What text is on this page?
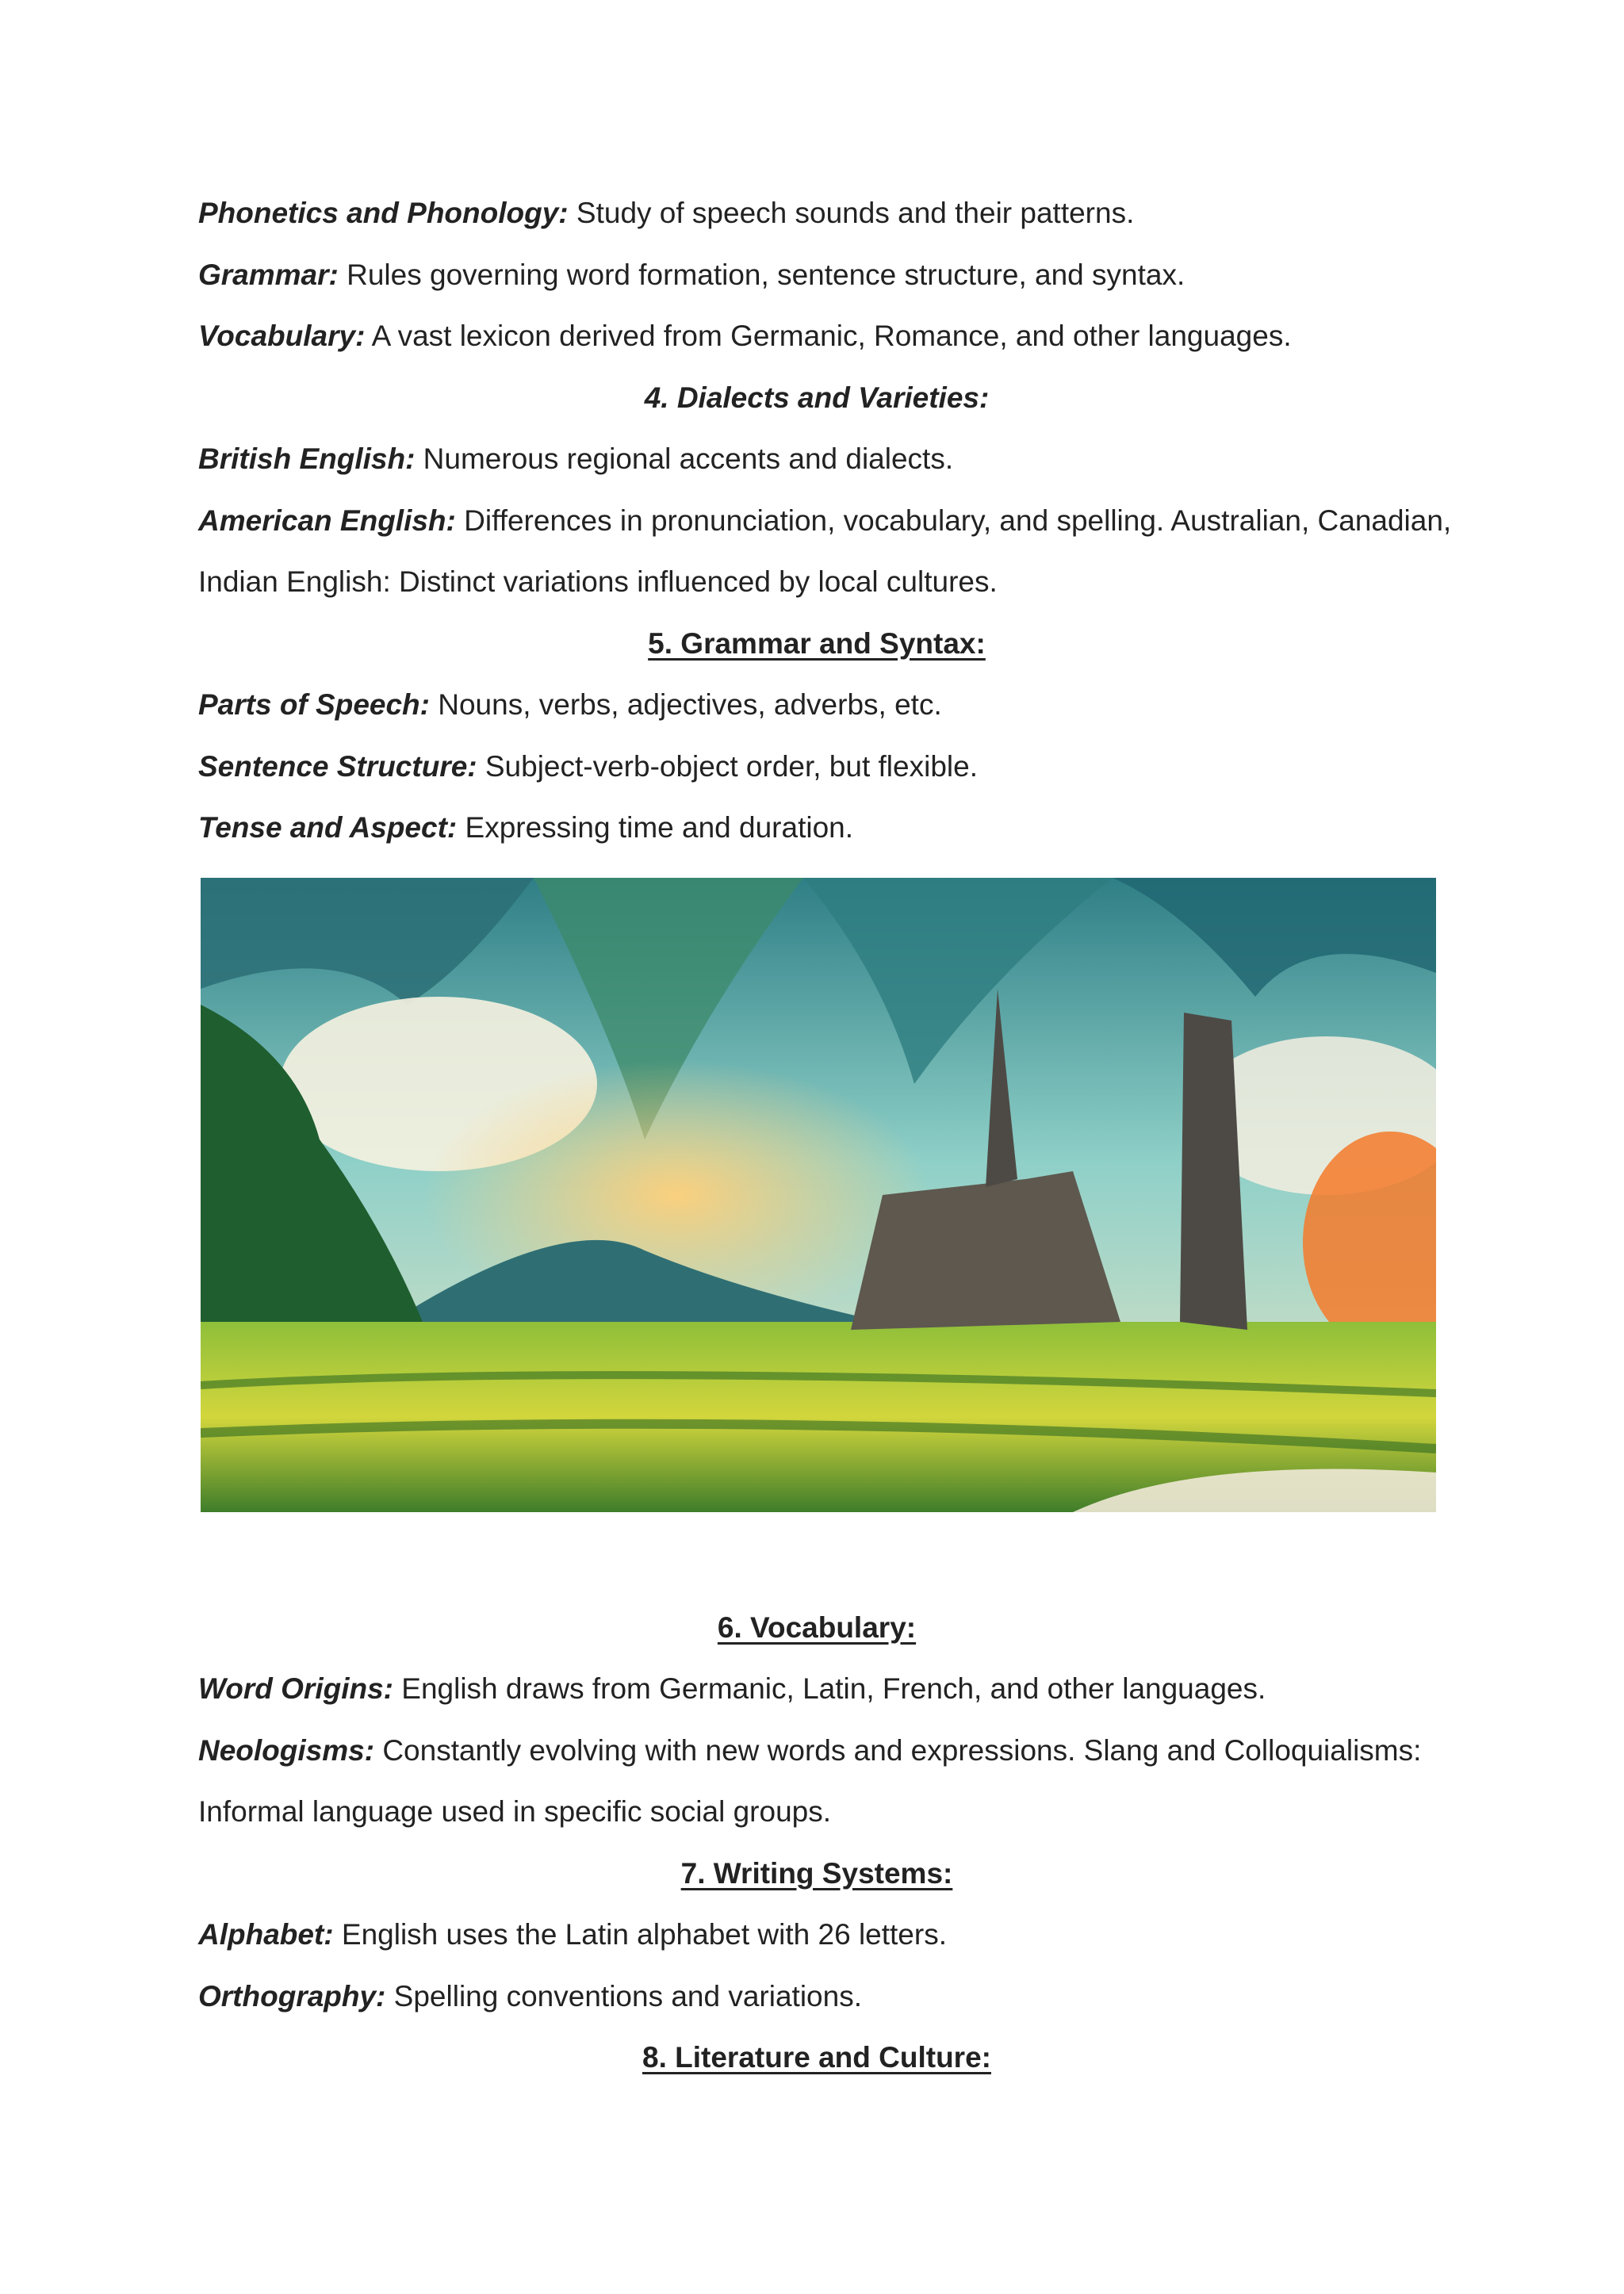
Phonetics and Phonology: Study of speech sounds and their patterns.
Grammar: Rules governing word formation, sentence structure, and syntax.
Vocabulary: A vast lexicon derived from Germanic, Romance, and other languages.
4. Dialects and Varieties:
British English: Numerous regional accents and dialects.
American English: Differences in pronunciation, vocabulary, and spelling. Australian, Canadian,
Indian English: Distinct variations influenced by local cultures.
5. Grammar and Syntax:
Parts of Speech: Nouns, verbs, adjectives, adverbs, etc.
Sentence Structure: Subject-verb-object order, but flexible.
Tense and Aspect: Expressing time and duration.
6. Vocabulary:
Word Origins: English draws from Germanic, Latin, French, and other languages.
Neologisms: Constantly evolving with new words and expressions. Slang and Colloquialisms:
Informal language used in specific social groups.
7. Writing Systems:
Alphabet: English uses the Latin alphabet with 26 letters.
Orthography: Spelling conventions and variations.
8. Literature and Culture:
